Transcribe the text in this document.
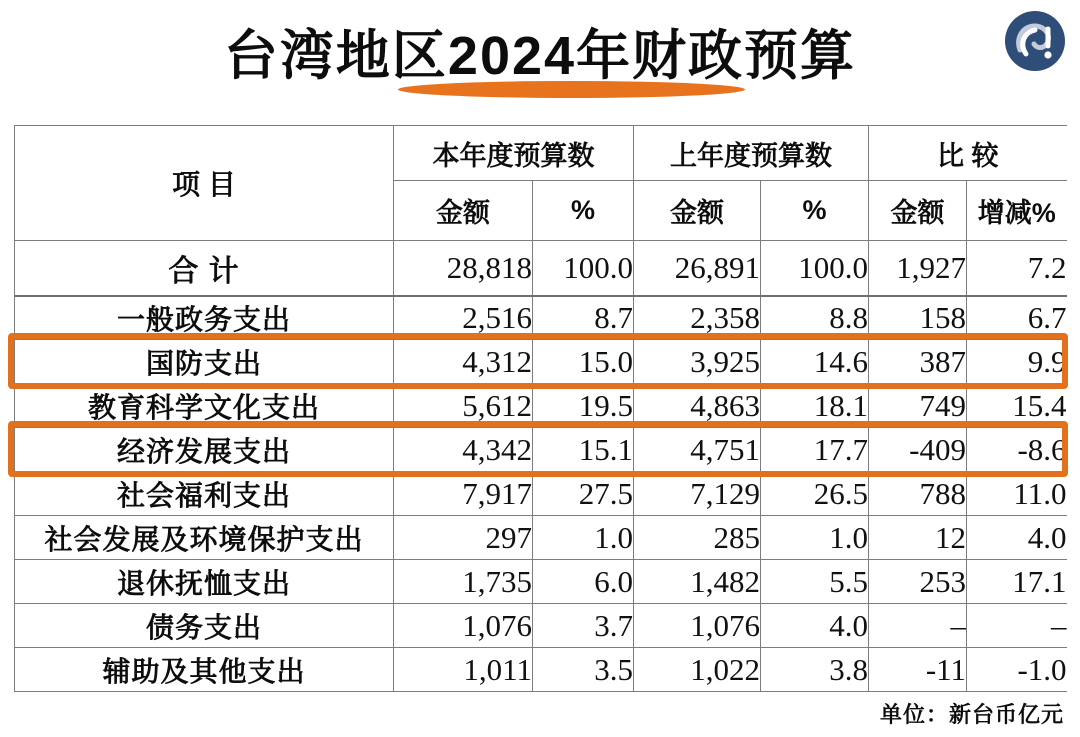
台湾地区2024年财政预算
项 目	本年度预算数		上年度预算数		比 较	
	金额	%	金额	%	金额	增减%
合 计	28,818	100.0	26,891	100.0	1,927	7.2
一般政务支出	2,516	8.7	2,358	8.8	158	6.7
国防支出	4,312	15.0	3,925	14.6	387	9.9
教育科学文化支出	5,612	19.5	4,863	18.1	749	15.4
经济发展支出	4,342	15.1	4,751	17.7	-409	-8.6
社会福利支出	7,917	27.5	7,129	26.5	788	11.0
社会发展及环境保护支出	297	1.0	285	1.0	12	4.0
退休抚恤支出	1,735	6.0	1,482	5.5	253	17.1
债务支出	1,076	3.7	1,076	4.0	–	–
辅助及其他支出	1,011	3.5	1,022	3.8	-11	-1.0
单位：新台币亿元
